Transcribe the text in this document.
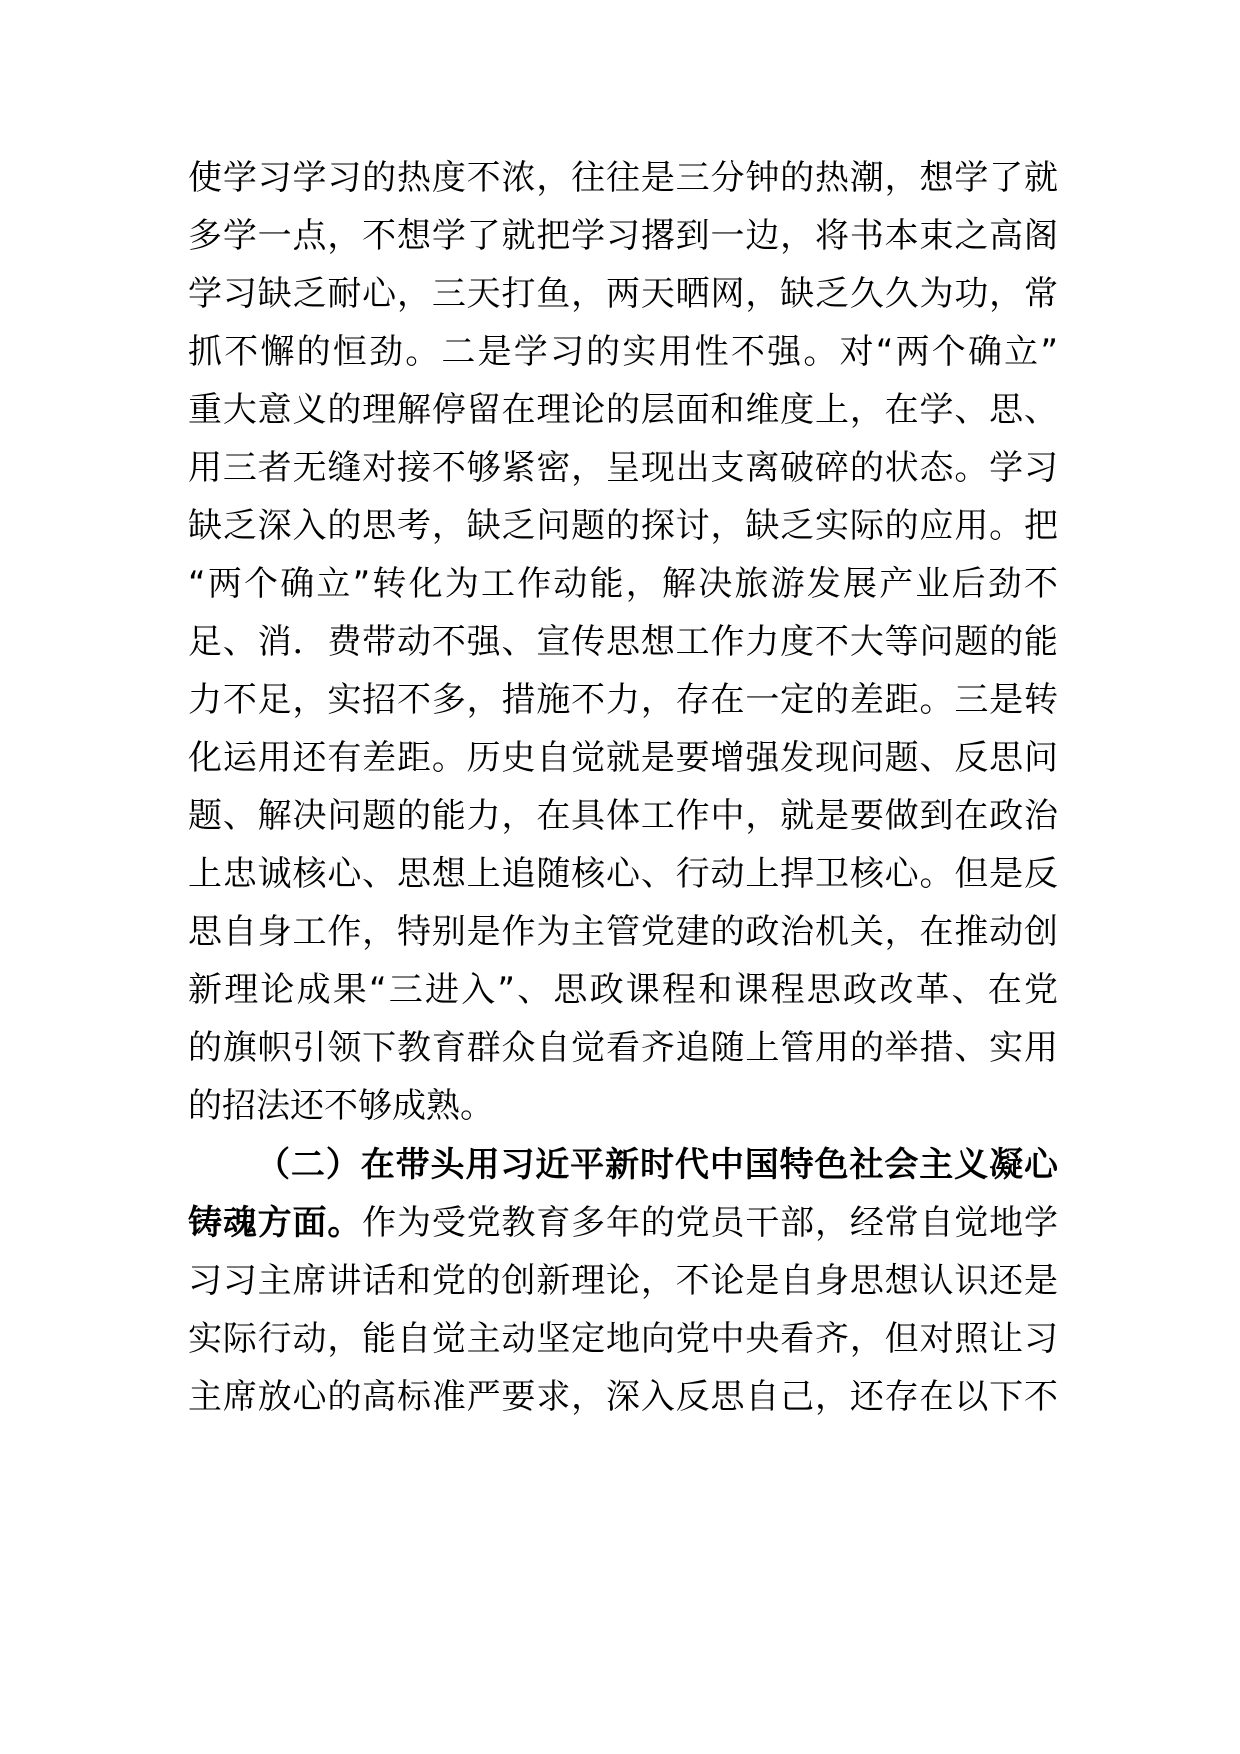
使学习学习的热度不浓，往往是三分钟的热潮，想学了就
多学一点，不想学了就把学习撂到一边，将书本束之高阁
学习缺乏耐心，三天打鱼，两天晒网，缺乏久久为功，常
抓不懈的恒劲。二是学习的实用性不强。对“两个确立”
重大意义的理解停留在理论的层面和维度上，在学、思、
用三者无缝对接不够紧密，呈现出支离破碎的状态。学习
缺乏深入的思考，缺乏问题的探讨，缺乏实际的应用。把
“两个确立”转化为工作动能，解决旅游发展产业后劲不
足、消．费带动不强、宣传思想工作力度不大等问题的能
力不足，实招不多，措施不力，存在一定的差距。三是转
化运用还有差距。历史自觉就是要增强发现问题、反思问
题、解决问题的能力，在具体工作中，就是要做到在政治
上忠诚核心、思想上追随核心、行动上捍卫核心。但是反
思自身工作，特别是作为主管党建的政治机关，在推动创
新理论成果“三进入”、思政课程和课程思政改革、在党
的旗帜引领下教育群众自觉看齐追随上管用的举措、实用
的招法还不够成熟。
（二）在带头用习近平新时代中国特色社会主义凝心
铸魂方面。作为受党教育多年的党员干部，经常自觉地学
习习主席讲话和党的创新理论，不论是自身思想认识还是
实际行动，能自觉主动坚定地向党中央看齐，但对照让习
主席放心的高标准严要求，深入反思自己，还存在以下不
